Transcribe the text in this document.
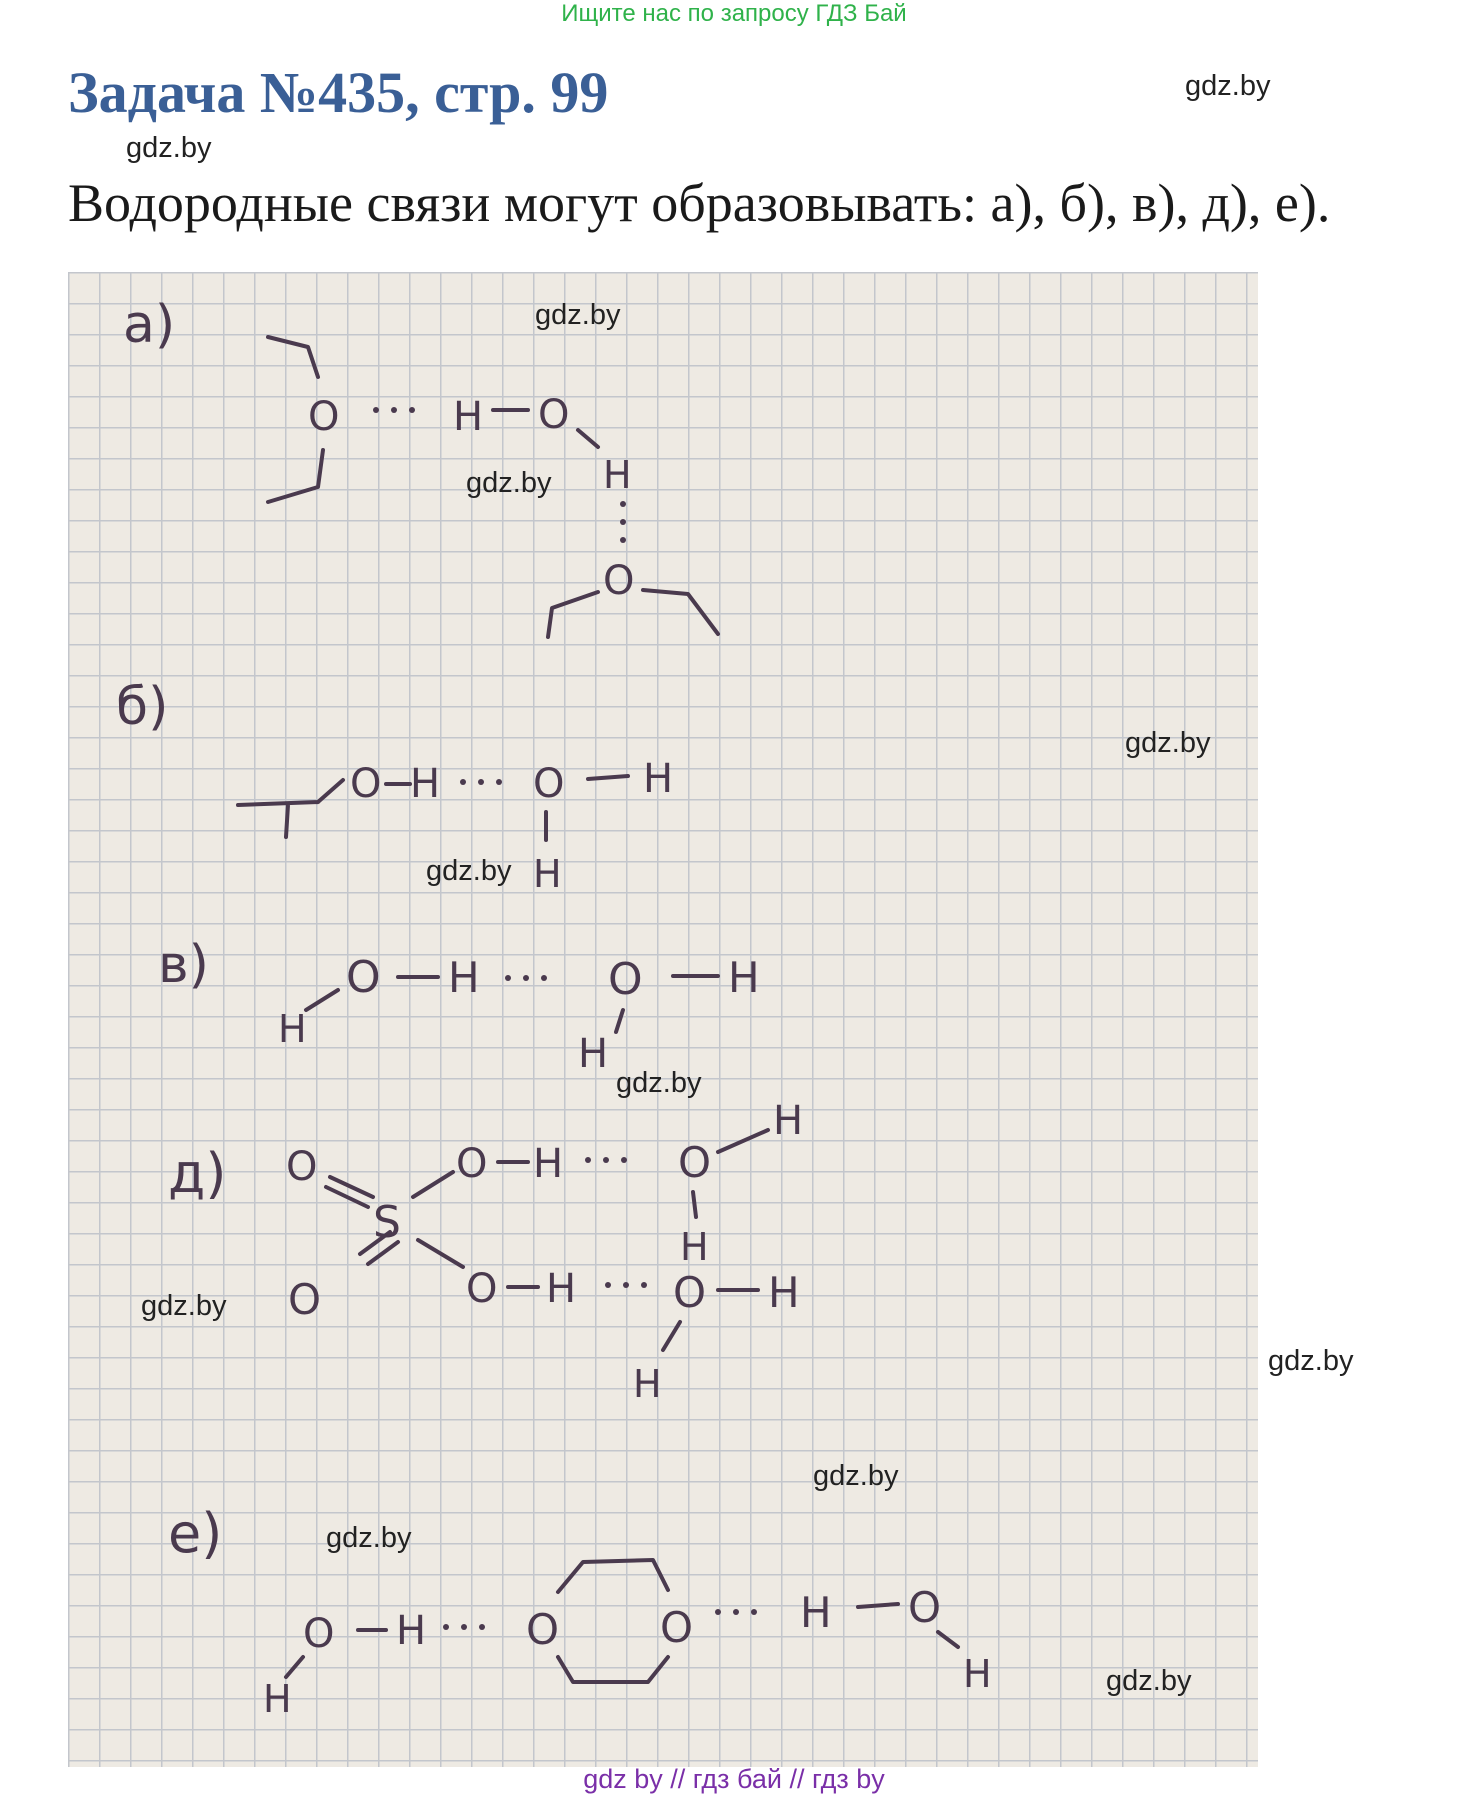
Ищите нас по запросу ГДЗ Бай
Задача №435, стр. 99	gdz.by
gdz.by
Водородные связи могут образовывать: а), б), в), д), е).
a)
O	H O
H
O
б)
O H O H
H
в)
H
O H	O H
H
д) O
S
O H	O
H
H
O	O H O H
H
е)
H
O H O O	H O
H
gdz.by
gdz.by
gdz.by
gdz.by
gdz.by
gdz.by
gdz.by
gdz.by
gdz.by
gdz.by
gdz by // гдз бай // гдз by
